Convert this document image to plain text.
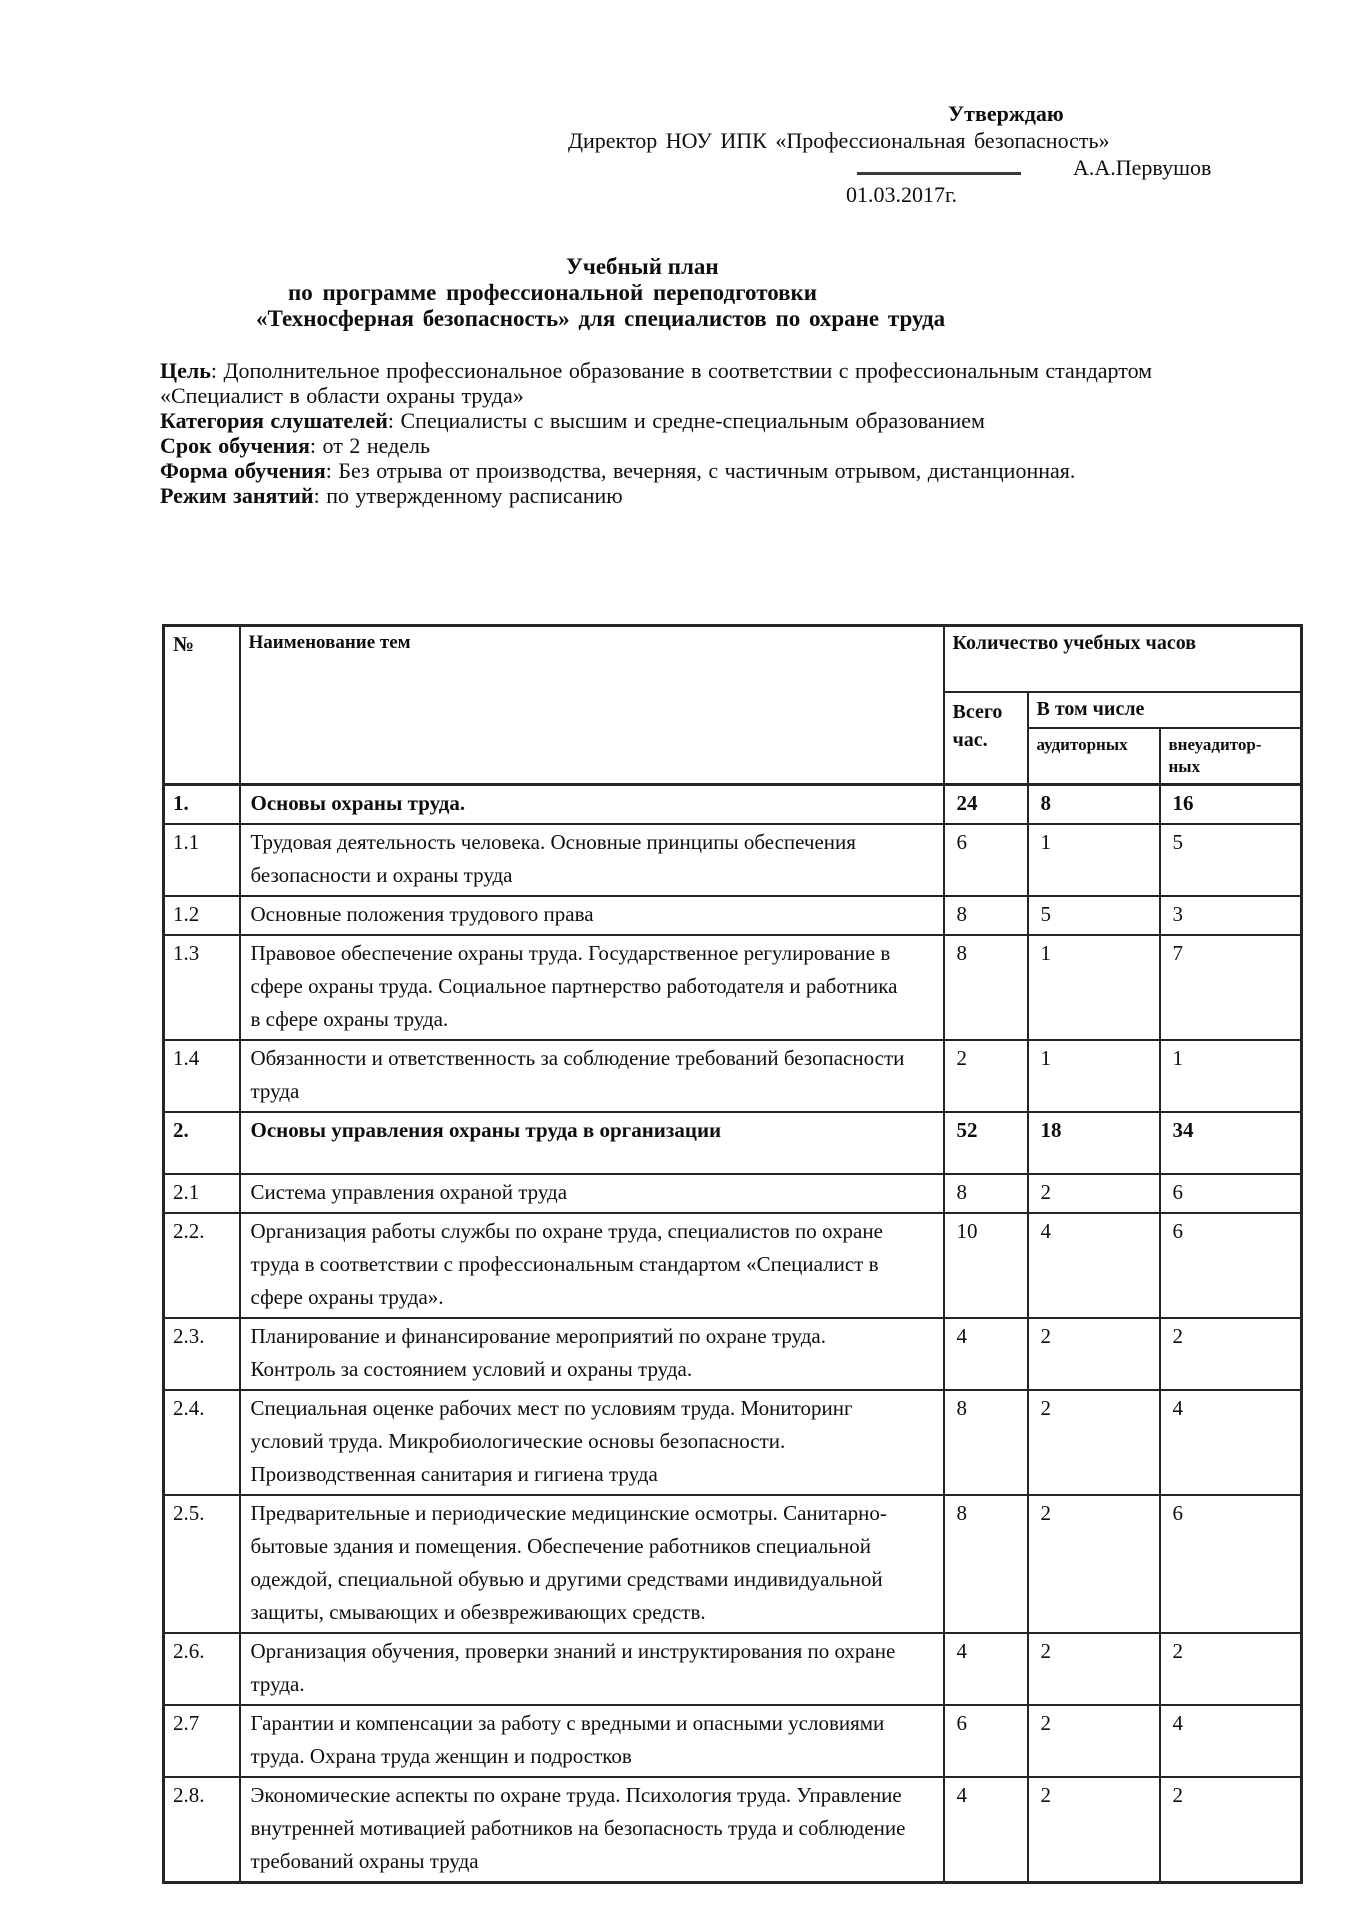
Утверждаю
Директор НОУ ИПК «Профессиональная безопасность»
А.А.Первушов
01.03.2017г.
Учебный план
по программе профессиональной переподготовки
«Техносферная безопасность» для специалистов по охране труда
Цель: Дополнительное профессиональное образование в соответствии с профессиональным стандартом «Специалист в области охраны труда»
Категория слушателей: Специалисты с высшим и средне-специальным образованием
Срок обучения: от 2 недель
Форма обучения: Без отрыва от производства, вечерняя, с частичным отрывом, дистанционная.
Режим занятий: по утвержденному расписанию
№	Наименование тем	Количество учебных часов		
		Всего час.	В том числе	
			аудиторных	внеуадитор-ных
1.	Основы охраны труда.	24	8	16
1.1	Трудовая деятельность человека. Основные принципы обеспечения безопасности и охраны труда	6	1	5
1.2	Основные положения трудового права	8	5	3
1.3	Правовое обеспечение охраны труда. Государственное регулирование в сфере охраны труда. Социальное партнерство работодателя и работника в сфере охраны труда.	8	1	7
1.4	Обязанности и ответственность за соблюдение требований безопасности труда	2	1	1
2.	Основы управления охраны труда в организации	52	18	34
2.1	Система управления охраной труда	8	2	6
2.2.	Организация работы службы по охране труда, специалистов по охране труда в соответствии с профессиональным стандартом «Специалист в сфере охраны труда».	10	4	6
2.3.	Планирование и финансирование мероприятий по охране труда. Контроль за состоянием условий и охраны труда.	4	2	2
2.4.	Специальная оценке рабочих мест по условиям труда. Мониторинг условий труда. Микробиологические основы безопасности. Производственная санитария и гигиена труда	8	2	4
2.5.	Предварительные и периодические медицинские осмотры. Санитарно-бытовые здания и помещения. Обеспечение работников специальной одеждой, специальной обувью и другими средствами индивидуальной защиты, смывающих и обезвреживающих средств.	8	2	6
2.6.	Организация обучения, проверки знаний и инструктирования по охране труда.	4	2	2
2.7	Гарантии и компенсации за работу с вредными и опасными условиями труда. Охрана труда женщин и подростков	6	2	4
2.8.	Экономические аспекты по охране труда. Психология труда. Управление внутренней мотивацией работников на безопасность труда и соблюдение требований охраны труда	4	2	2
